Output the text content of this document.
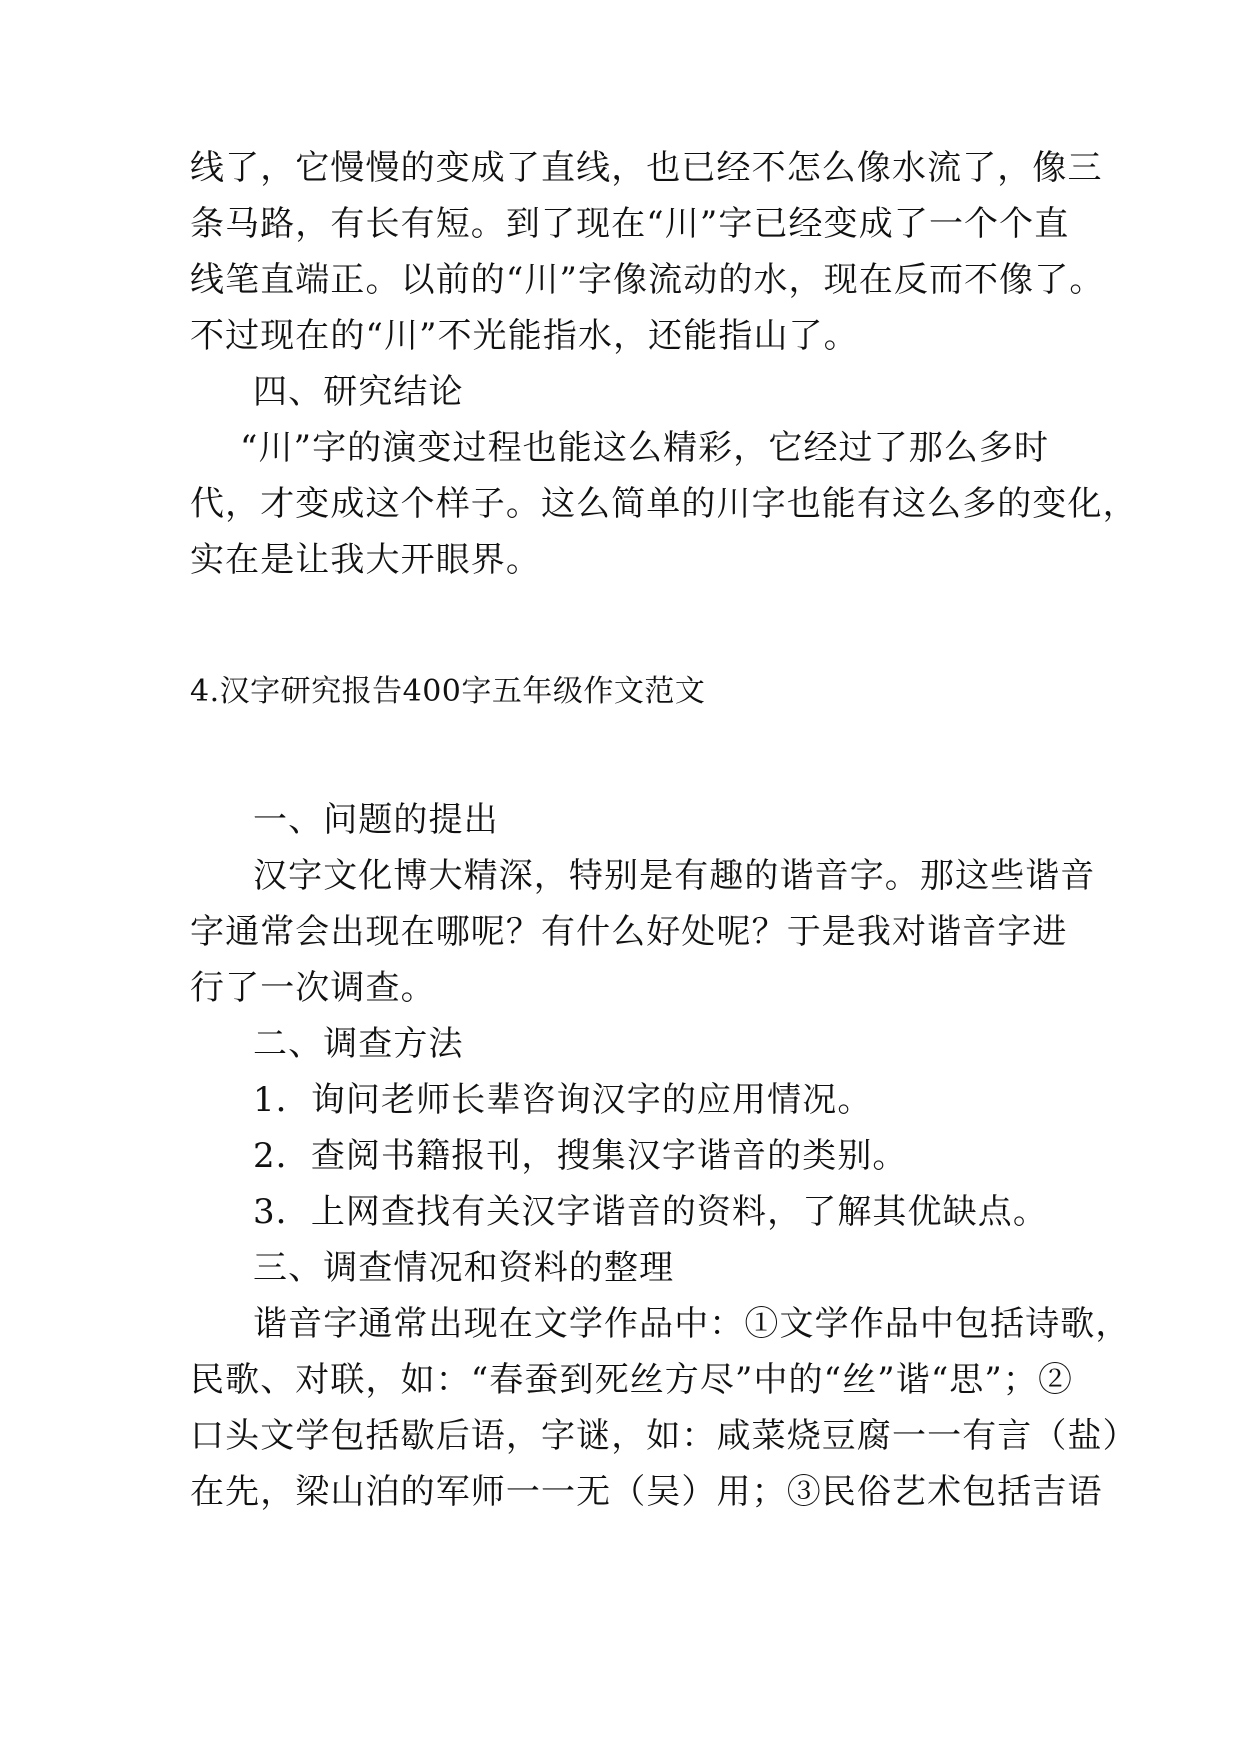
线了，它慢慢的变成了直线，也已经不怎么像水流了，像三
条马路，有长有短。到了现在“川”字已经变成了一个个直
线笔直端正。以前的“川”字像流动的水，现在反而不像了。
不过现在的“川”不光能指水，还能指山了。
四、研究结论
“川”字的演变过程也能这么精彩，它经过了那么多时
代，才变成这个样子。这么简单的川字也能有这么多的变化，
实在是让我大开眼界。
4.汉字研究报告400字五年级作文范文
一、问题的提出
汉字文化博大精深，特别是有趣的谐音字。那这些谐音
字通常会出现在哪呢？有什么好处呢？于是我对谐音字进
行了一次调查。
二、调查方法
1．询问老师长辈咨询汉字的应用情况。
2．查阅书籍报刊，搜集汉字谐音的类别。
3．上网查找有关汉字谐音的资料，了解其优缺点。
三、调查情况和资料的整理
谐音字通常出现在文学作品中：①文学作品中包括诗歌，
民歌、对联，如：“春蚕到死丝方尽”中的“丝”谐“思”；②
口头文学包括歇后语，字谜，如：咸菜烧豆腐一一有言（盐）
在先，梁山泊的军师一一无（吴）用；③民俗艺术包括吉语
